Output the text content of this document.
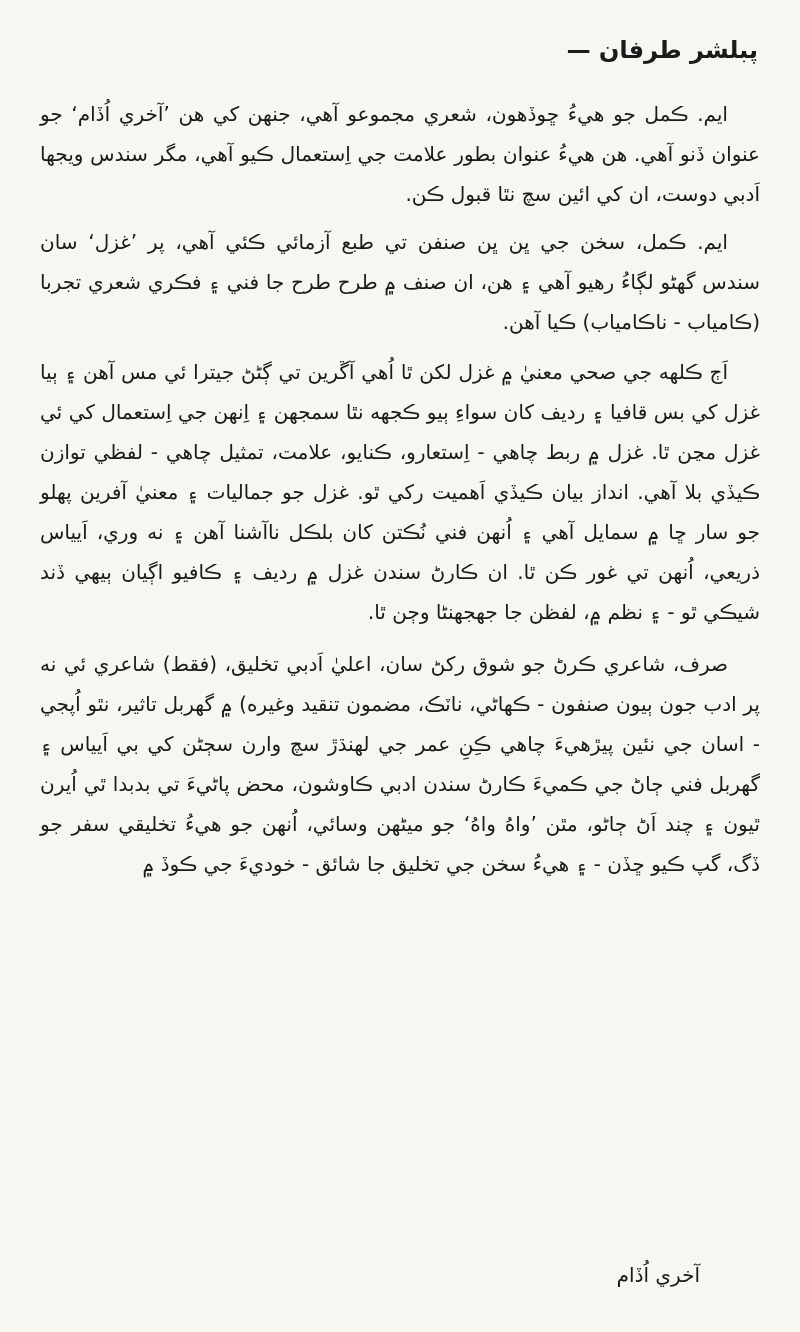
پبلشر طرفان —

ايم. ڪمل جو هيءُ ڇوڏهون، شعري مجموعو آهي، جنهن کي هن ’آخري اُڏام‘ جو عنوان ڏنو آهي. هن هيءُ عنوان بطور علامت جي اِستعمال ڪيو آهي، مگر سندس ويجها اَدبي دوست، ان کي ائين سچ نٿا قبول ڪن.

ايم. ڪمل، سخن جي ڀن ڀن صنفن تي طبع آزمائي ڪئي آهي، پر ’غزل‘ سان سندس گهڻو لڳاءُ رهيو آهي ۽ هن، ان صنف ۾ طرح طرح جا فني ۽ فڪري شعري تجربا (ڪامياب - ناڪامياب) ڪيا آهن.

اَڄ ڪلهه جي صحي معنيٰ ۾ غزل لکن ٿا اُهي آڱرين تي ڳڻڻ جيترا ئي مس آهن ۽ ٻيا غزل کي بس قافيا ۽ رديف کان سواءِ ٻيو ڪجهه نٿا سمجهن ۽ اِنهن جي اِستعمال کي ئي غزل مڃن ٿا. غزل ۾ ربط چاهي - اِستعارو، ڪنايو، علامت، تمثيل چاهي - لفظي توازن ڪيڏي بلا آهي. انداز بيان ڪيڏي اَهميت رکي ٿو. غزل جو جماليات ۽ معنيٰ آفرين پهلو جو سار ڇا ۾ سمايل آهي ۽ اُنهن فني نُڪتن کان بلڪل ناآشنا آهن ۽ نه وري، اَيياس ذريعي، اُنهن تي غور ڪن ٿا. ان ڪارڻ سندن غزل ۾ رديف ۽ ڪافيو اڳيان ٻيهي ڏند شيڪي ٿو - ۽ نظم ۾، لفظن جا جهجهنڻا وڄن ٿا.

صرف، شاعري ڪرڻ جو شوق رکڻ سان، اعليٰ اَدبي تخليق، (فقط) شاعري ئي نه پر ادب جون ٻيون صنفون - ڪهاڻي، ناٽڪ، مضمون تنقيد وغيره) ۾ گهربل تاثير، نٿو اُپجي - اسان جي نئين پيڙهيءَ چاهي ڪِنِ عمر جي لهنڌڙ سچ وارن سڄڻن کي بي اَيياس ۽ گهربل فني ڄاڻ جي ڪميءَ ڪارڻ سندن ادبي ڪاوشون، محض پاڻيءَ تي بدبدا ٿي اُيرن ٿيون ۽ چند اَڻ ڄاڻو، مٿن ’واهُ واهُ‘ جو ميڻهن وسائي، اُنهن جو هيءُ تخليقي سفر جو ڏگ، گپ ڪيو ڇڏن - ۽ هيءُ سخن جي تخليق جا شائق - خوديءَ جي ڪوڏ ۾

آخري اُڏام
